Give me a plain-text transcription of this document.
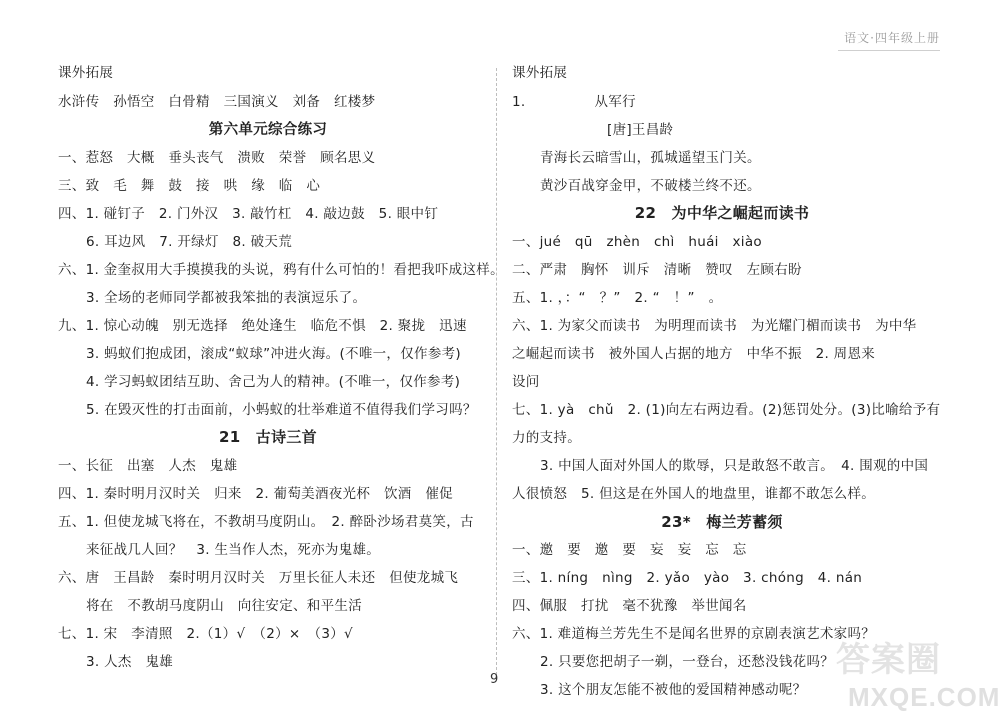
语文·四年级上册
课外拓展
水浒传　孙悟空　白骨精　三国演义　刘备　红楼梦
第六单元综合练习
一、惹怒　大概　垂头丧气　溃败　荣誉　顾名思义
三、致　毛　舞　鼓　接　哄　缘　临　心
四、1. 碰钉子　2. 门外汉　3. 敲竹杠　4. 敲边鼓　5. 眼中钉
6. 耳边风　7. 开绿灯　8. 破天荒
六、1. 金奎叔用大手摸摸我的头说，鸦有什么可怕的！看把我吓成这样。
3. 全场的老师同学都被我笨拙的表演逗乐了。
九、1. 惊心动魄　别无选择　绝处逢生　临危不惧　2. 聚拢　迅速
3. 蚂蚁们抱成团，滚成“蚁球”冲进火海。(不唯一，仅作参考)
4. 学习蚂蚁团结互助、舍己为人的精神。(不唯一，仅作参考)
5. 在毁灭性的打击面前，小蚂蚁的壮举难道不值得我们学习吗？
21　古诗三首
一、长征　出塞　人杰　鬼雄
四、1. 秦时明月汉时关　归来　2. 葡萄美酒夜光杯　饮酒　催促
五、1. 但使龙城飞将在，不教胡马度阴山。　2. 醉卧沙场君莫笑，古
来征战几人回？　3. 生当作人杰，死亦为鬼雄。
六、唐　王昌龄　秦时明月汉时关　万里长征人未还　但使龙城飞
将在　不教胡马度阴山　向往安定、和平生活
七、1. 宋　李清照　2.（1）√　（2）×　（3）√
3. 人杰　鬼雄
课外拓展
1.　　　　　从军行
[唐]王昌龄
青海长云暗雪山，孤城遥望玉门关。
黄沙百战穿金甲，不破楼兰终不还。
22　为中华之崛起而读书
一、jué　qū　zhèn　chì　huái　xiào
二、严肃　胸怀　训斥　清晰　赞叹　左顾右盼
五、1. ，：“　？”　2. “　！”　。
六、1. 为家父而读书　为明理而读书　为光耀门楣而读书　为中华
之崛起而读书　被外国人占据的地方　中华不振　2. 周恩来
设问
七、1. yà　chǔ　2. (1)向左右两边看。(2)惩罚处分。(3)比喻给予有
力的支持。
3. 中国人面对外国人的欺辱，只是敢怒不敢言。　4. 围观的中国
人很愤怒　5. 但这是在外国人的地盘里，谁都不敢怎么样。
23*　梅兰芳蓄须
一、邀　要　邀　要　妄　妄　忘　忘
三、1. níng　nìng　2. yǎo　yào　3. chóng　4. nán
四、佩服　打扰　毫不犹豫　举世闻名
六、1. 难道梅兰芳先生不是闻名世界的京剧表演艺术家吗？
2. 只要您把胡子一剃，一登台，还愁没钱花吗？
3. 这个朋友怎能不被他的爱国精神感动呢？
9	答案圈
MXQE.COM
